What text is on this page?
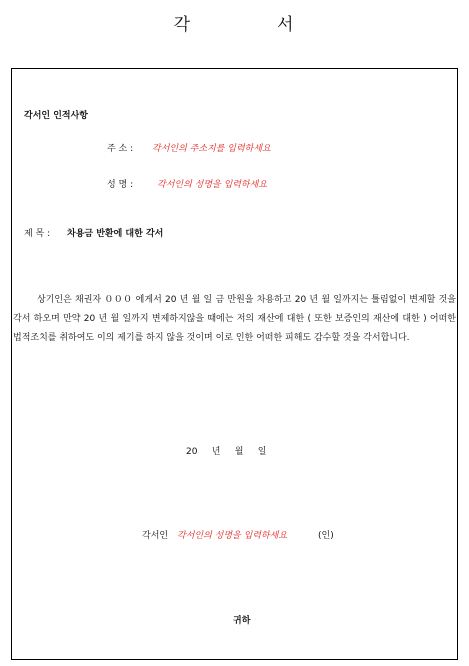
각	서
각서인 인적사항
주 소 : 각서인의 주소지를 입력하세요
성 명 :	각서인의 성명을 입력하세요
제 목 : 차용금 반환에 대한 각서
상기인은 채권자 ０００ 에게서 20 년 월 일 금 만원을 차용하고 20 년 월 일까지는 틀림없이 변제할 것을 각서 하오며 만약 20 년 월 일까지 변제하지않을 때에는 저의 재산에 대한 ( 또한 보증인의 재산에 대한 ) 어떠한 법적조치를 취하여도 이의 제기를 하지 않을 것이며 이로 인한 어떠한 피해도 감수할 것을 각서합니다.
20     년     월     일
각서인 각서인의 성명을 입력하세요	(인)
귀하
